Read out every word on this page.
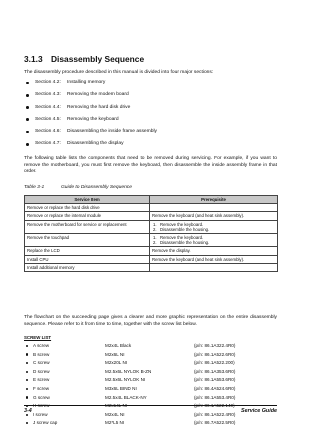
3.1.3 Disassembly Sequence

The disassembly procedure described in this manual is divided into four major sections:

Section 4.2: Installing memory
Section 4.3: Removing the modem board
Section 4.4: Removing the hard disk drive
Section 4.5: Removing the keyboard
Section 4.6: Disassembling the inside frame assembly
Section 4.7: Disassembling the display

The following table lists the components that need to be removed during servicing. For example, if you want to remove the motherboard, you must first remove the keyboard, then disassemble the inside assembly frame in that order.

Table 3-1	Guide to Disassembly Sequence
Service Item	Prerequisite
Remove or replace the hard disk drive	
Remove or replace the internal module	Remove the keyboard (and heat sink assembly).
Remove the motherboard for service or replacement	1. Remove the keyboard.
2. Disassemble the housing.

Remove the touchpad	1. Remove the keyboard.
2. Disassemble the housing.

Replace the LCD	Remove the display.
Install CPU	Remove the keyboard (and heat sink assembly).
Install additional memory	

The flowchart on the succeeding page gives a clearer and more graphic representation on the entire disassembly sequence. Please refer to it from time to time, together with the screw list below.

SCREW LIST
A screw	M2x4L Black	(p/n: 86.1A322.4R0)
B screw	M2x6L NI	(p/n: 86.1A522.6R0)
C screw	M2x20L NI	(p/n: 86.1A522.200)
D screw	M2.5x6L NYLOK B-ZN	(p/n: 86.1A353.6R0)
E screw	M2.5x6L NYLOK NI	(p/n: 86.1A553.6R0)
F screw	M3x6L BIND NI	(p/n: 86.4A524.6R0)
G screw	M2.5x4L BLACK-NY	(p/n: 86.1A553.4R0)
H screw	M2x14L NI	(p/n: 86.1A522.140)
I screw	M2x4L NI	(p/n: 86.1A522.4R0)
J screw cap	M2*L5 NI	(p/n: 86.7A522.5R0)
3-4	Service Guide
